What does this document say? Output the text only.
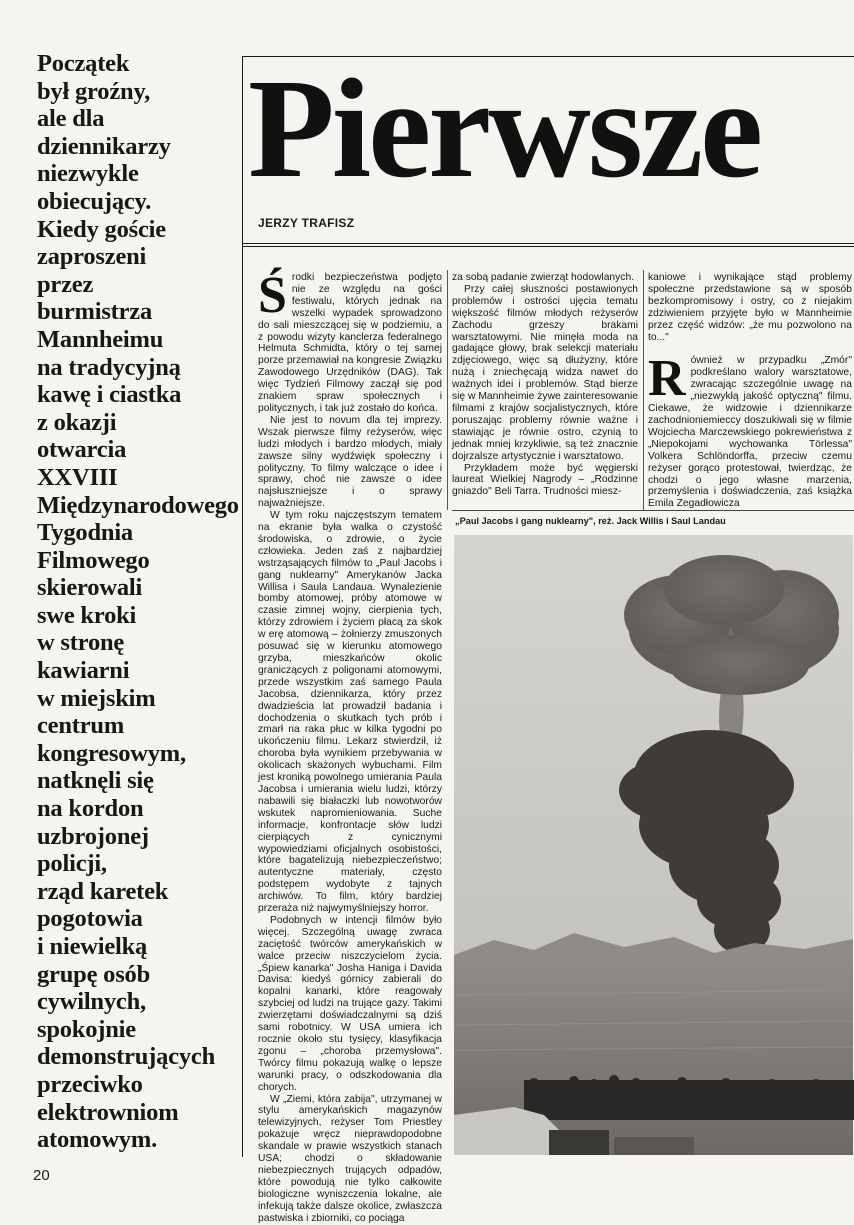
Początek
był groźny,
ale dla
dziennikarzy
niezwykle
obiecujący.
Kiedy goście
zaproszeni
przez
burmistrza
Mannheimu
na tradycyjną
kawę i ciastka
z okazji
otwarcia
XXVIII
Międzynarodowego
Tygodnia
Filmowego
skierowali
swe kroki
w stronę
kawiarni
w miejskim
centrum
kongresowym,
natknęli się
na kordon
uzbrojonej
policji,
rząd karetek
pogotowia
i niewielką
grupę osób
cywilnych,
spokojnie
demonstrujących
przeciwko
elektrowniom
atomowym.
20
Pierwsze
JERZY TRAFISZ

Środki bezpieczeństwa podjęto nie ze względu na gości festiwalu, których jednak na wszelki wypadek sprowadzono do sali mieszczącej się w podziemiu, a z powodu wizyty kanclerza federalnego Helmuta Schmidta, który o tej samej porze przemawiał na kongresie Związku Zawodowego Urzędników (DAG). Tak więc Tydzień Filmowy zaczął się pod znakiem spraw społecznych i politycznych, i tak już zostało do końca.

Nie jest to novum dla tej imprezy. Wszak pierwsze filmy reżyserów, więc ludzi młodych i bardzo młodych, miały zawsze silny wydźwięk społeczny i polityczny. To filmy walczące o idee i sprawy, choć nie zawsze o idee najsłuszniejsze i o sprawy najważniejsze.

W tym roku najczęstszym tematem na ekranie była walka o czystość środowiska, o zdrowie, o życie człowieka. Jeden zaś z najbardziej wstrząsających filmów to „Paul Jacobs i gang nuklearny" Amerykanów Jacka Willisa i Saula Landaua. Wynalezienie bomby atomowej, próby atomowe w czasie zimnej wojny, cierpienia tych, którzy zdrowiem i życiem płacą za skok w erę atomową – żołnierzy zmuszonych posuwać się w kierunku atomowego grzyba, mieszkańców okolic graniczących z poligonami atomowymi, przede wszystkim zaś samego Paula Jacobsa, dziennikarza, który przez dwadzieścia lat prowadził badania i dochodzenia o skutkach tych prób i zmarł na raka płuc w kilka tygodni po ukończeniu filmu. Lekarz stwierdził, iż choroba była wynikiem przebywania w okolicach skażonych wybuchami. Film jest kroniką powolnego umierania Paula Jacobsa i umierania wielu ludzi, którzy nabawili się białaczki lub nowotworów wskutek napromieniowania. Suche informacje, konfrontacje słów ludzi cierpiących z cynicznymi wypowiedziami oficjalnych osobistości, które bagatelizują niebezpieczeństwo; autentyczne materiały, często podstępem wydobyte z tajnych archiwów. To film, który bardziej przeraża niż najwymyślniejszy horror.

Podobnych w intencji filmów było więcej. Szczególną uwagę zwraca zaciętość twórców amerykańskich w walce przeciw niszczycielom życia. „Śpiew kanarka" Josha Haniga i Davida Davisa: kiedyś górnicy zabierali do kopalni kanarki, które reagowały szybciej od ludzi na trujące gazy. Takimi zwierzętami doświadczalnymi są dziś sami robotnicy. W USA umiera ich rocznie około stu tysięcy, klasyfikacja zgonu – „choroba przemysłowa". Twórcy filmu pokazują walkę o lepsze warunki pracy, o odszkodowania dla chorych.

W „Ziemi, która zabija", utrzymanej w stylu amerykańskich magazynów telewizyjnych, reżyser Tom Priestley pokazuje wręcz nieprawdopodobne skandale w prawie wszystkich stanach USA; chodzi o składowanie niebezpiecznych trujących odpadów, które powodują nie tylko całkowite biologiczne wyniszczenia lokalne, ale infekują także dalsze okolice, zwłaszcza pastwiska i zbiorniki, co pociąga

za sobą padanie zwierząt hodowlanych.

Przy całej słuszności postawionych problemów i ostrości ujęcia tematu większość filmów młodych reżyserów Zachodu grzeszy brakami warsztatowymi. Nie minęła moda na gadające głowy, brak selekcji materiału zdjęciowego, więc są dłużyzny, które nużą i zniechęcają widza nawet do ważnych idei i problemów. Stąd bierze się w Mannheimie żywe zainteresowanie filmami z krajów socjalistycznych, które poruszając problemy równie ważne i stawiając je równie ostro, czynią to jednak mniej krzykliwie, są też znacznie dojrzalsze artystycznie i warsztatowo.

Przykładem może być węgierski laureat Wielkiej Nagrody – „Rodzinne gniazdo" Beli Tarra. Trudności miesz-

kaniowe i wynikające stąd problemy społeczne przedstawione są w sposób bezkompromisowy i ostry, co z niejakim zdziwieniem przyjęte było w Mannheimie przez część widzów: „że mu pozwolono na to..."

Również w przypadku „Zmór" podkreślano walory warsztatowe, zwracając szczególnie uwagę na „niezwykłą jakość optyczną" filmu. Ciekawe, że widzowie i dziennikarze zachodnioniemieccy doszukiwali się w filmie Wojciecha Marczewskiego pokrewieństwa z „Niepokojami wychowanka Törlessa" Volkera Schlöndorffa, przeciw czemu reżyser gorąco protestował, twierdząc, że chodzi o jego własne marzenia, przemyślenia i doświadczenia, zaś książka Emila Zegadłowicza

„Paul Jacobs i gang nuklearny", reż. Jack Willis i Saul Landau
